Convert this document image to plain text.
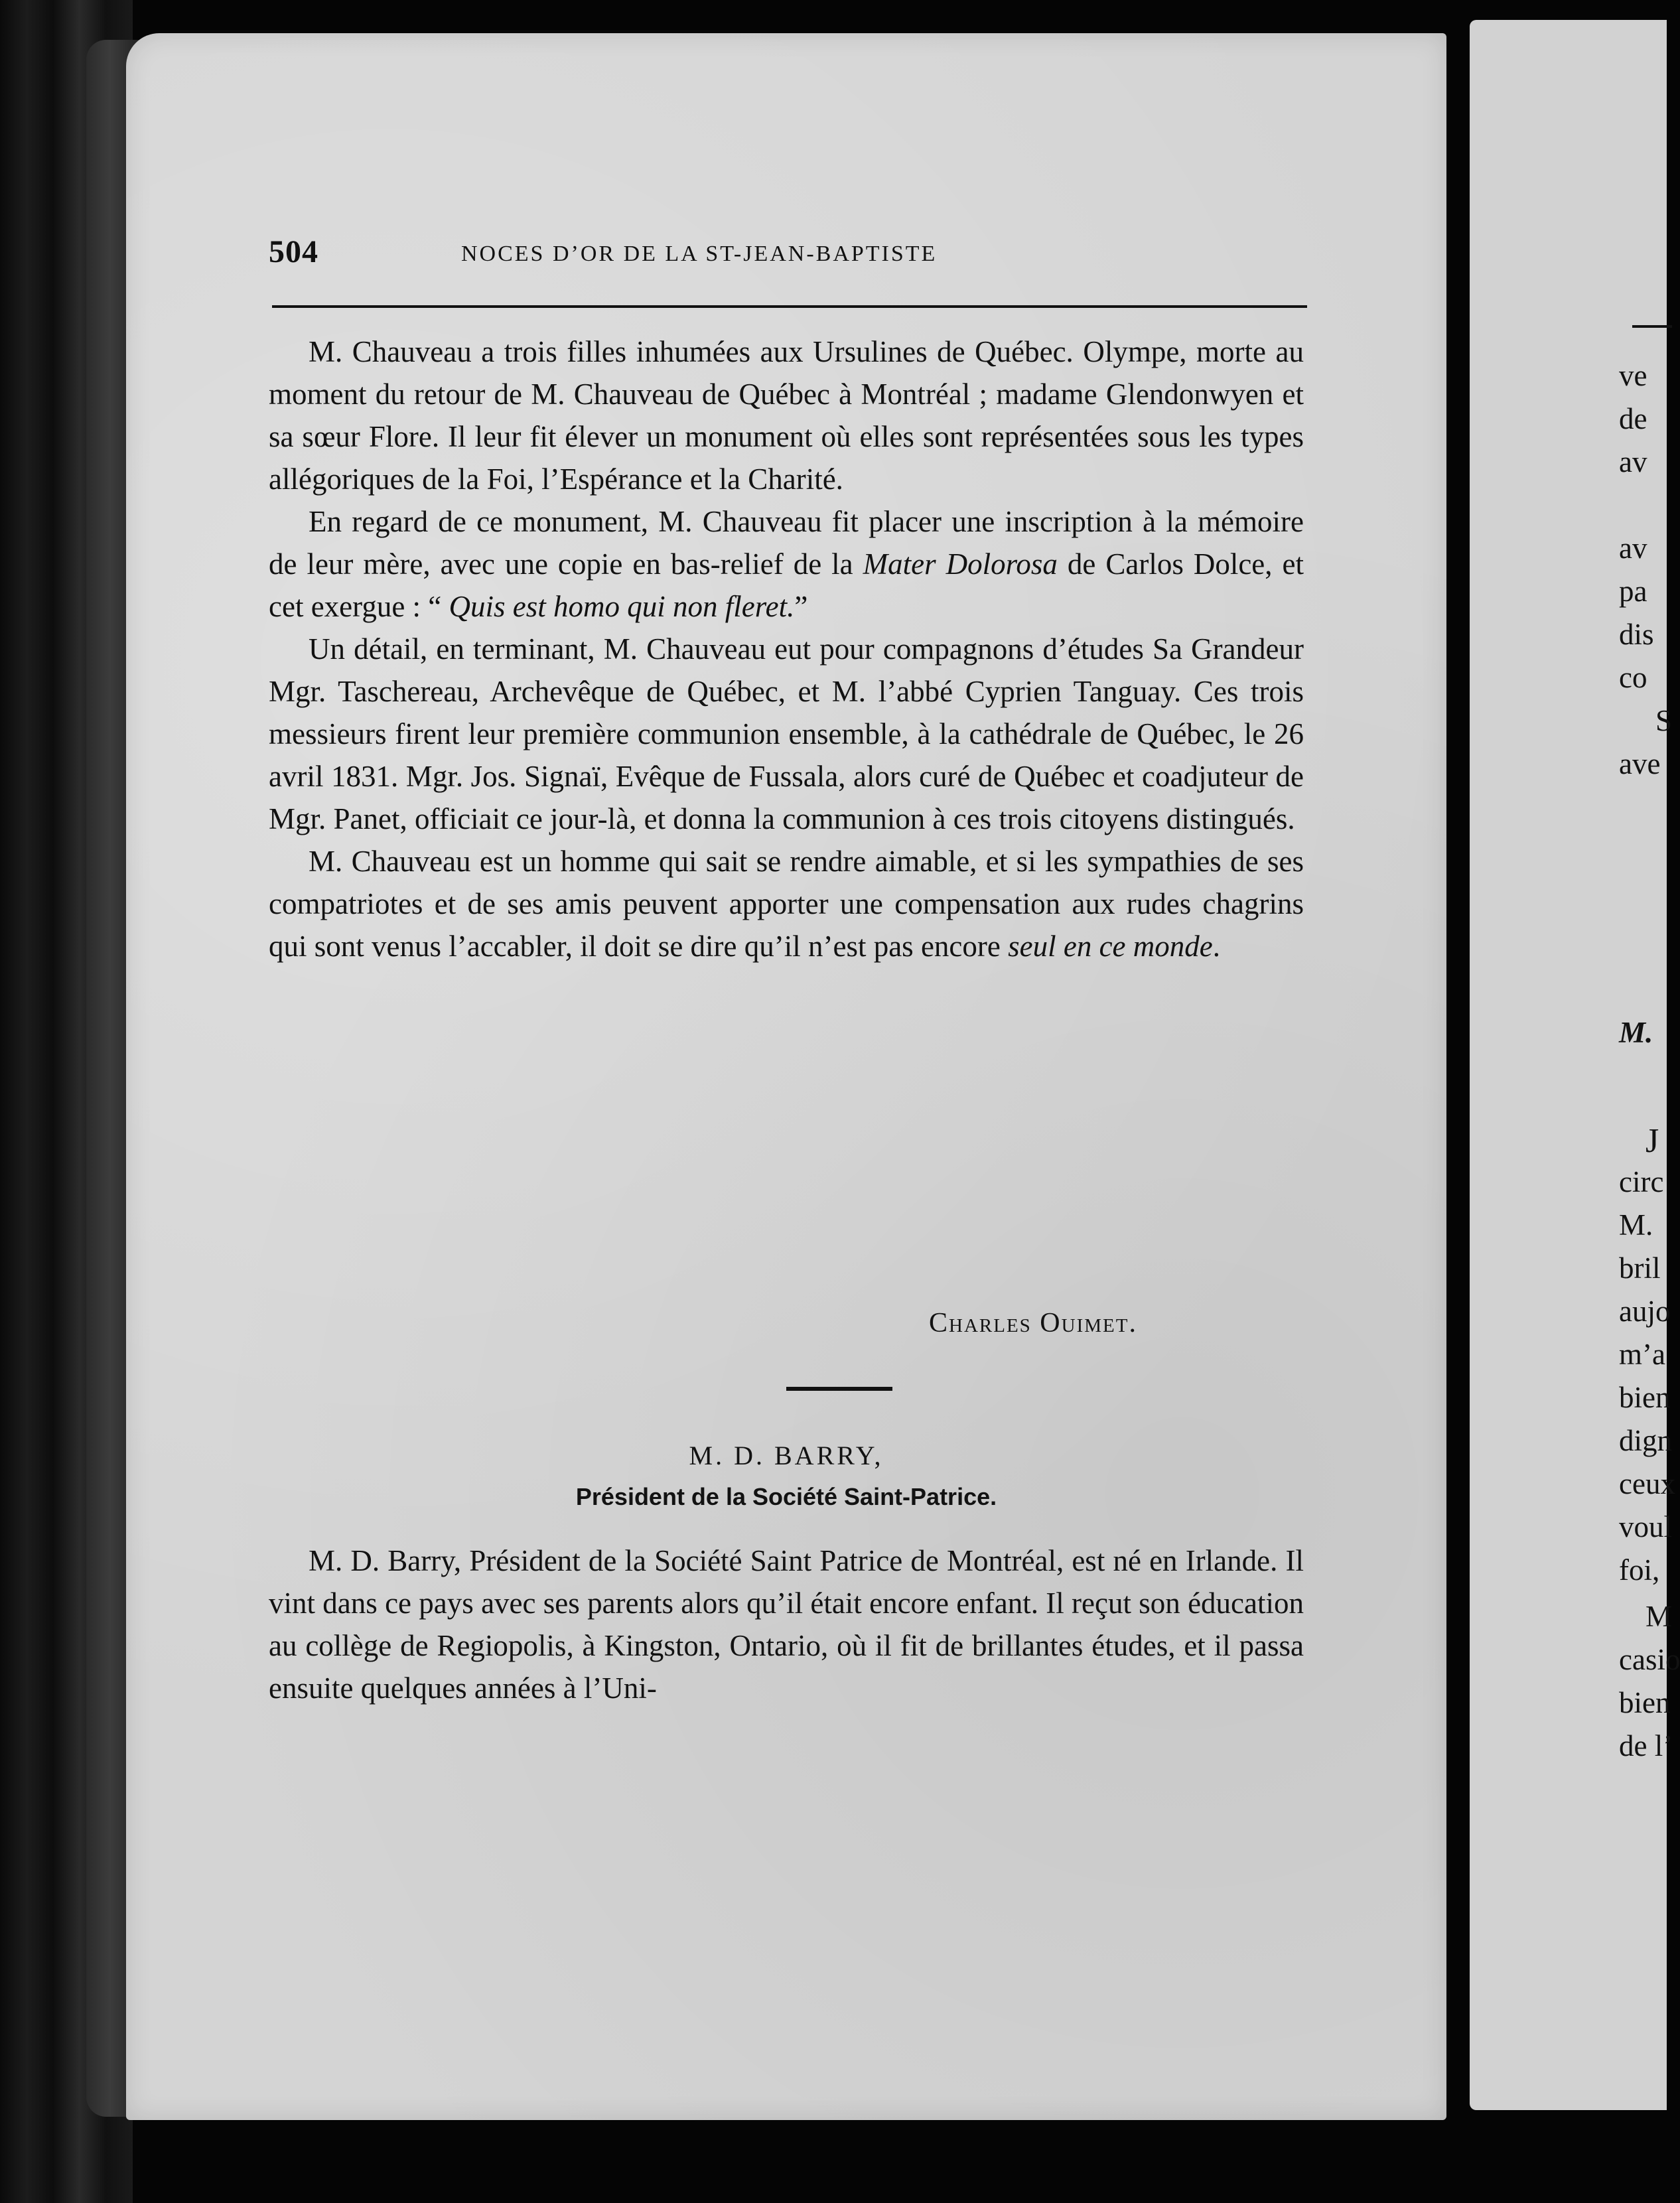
504	NOCES D’OR DE LA ST-JEAN-BAPTISTE

M. Chauveau a trois filles inhumées aux Ursulines de Québec. Olympe, morte au moment du retour de M. Chauveau de Québec à Montréal ; madame Glendonwyen et sa sœur Flore. Il leur fit élever un monument où elles sont représentées sous les types allégoriques de la Foi, l’Espérance et la Charité.

En regard de ce monument, M. Chauveau fit placer une inscription à la mémoire de leur mère, avec une copie en bas-relief de la Mater Dolorosa de Carlos Dolce, et cet exergue : “ Quis est homo qui non fleret.”

Un détail, en terminant, M. Chauveau eut pour compagnons d’études Sa Grandeur Mgr. Taschereau, Archevêque de Québec, et M. l’abbé Cyprien Tanguay. Ces trois messieurs firent leur première communion ensemble, à la cathédrale de Québec, le 26 avril 1831. Mgr. Jos. Signaï, Evêque de Fussala, alors curé de Québec et coadjuteur de Mgr. Panet, officiait ce jour-là, et donna la communion à ces trois citoyens distingués.

M. Chauveau est un homme qui sait se rendre aimable, et si les sympathies de ses compatriotes et de ses amis peuvent apporter une compensation aux rudes chagrins qui sont venus l’accabler, il doit se dire qu’il n’est pas encore seul en ce monde.

Charles Ouimet.
M. D. BARRY,
Président de la Société Saint-Patrice.

M. D. Barry, Président de la Société Saint Patrice de Montréal, est né en Irlande. Il vint dans ce pays avec ses parents alors qu’il était encore enfant. Il reçut son éducation au collège de Regiopolis, à Kingston, Ontario, où il fit de brillantes études, et il passa ensuite quelques années à l’Uni-

ve
de
av
av
pa
dis
co
S
ave
M.
J
circ
M.
bril
aujo
m’a
bien
dign
ceux
voul
foi,
M
casio
bien
de l’
